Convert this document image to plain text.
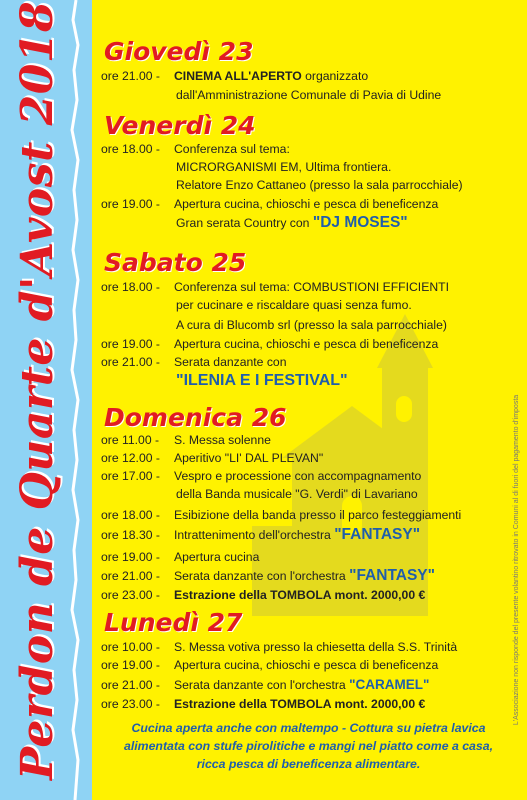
Perdon de Quarte d'Avost 2018	L'Associazione non risponde del presente volantino ritrovato in Comuni al di fuori del pagamento d'imposta
Giovedì 23
ore 21.00 - CINEMA ALL'APERTO organizzato
dall'Amministrazione Comunale di Pavia di Udine
Venerdì 24
ore 18.00 - Conferenza sul tema:
MICRORGANISMI EM, Ultima frontiera.
Relatore Enzo Cattaneo (presso la sala parrocchiale)
ore 19.00 - Apertura cucina, chioschi e pesca di beneficenza
Gran serata Country con "DJ MOSES"
Sabato 25
ore 18.00 - Conferenza sul tema: COMBUSTIONI EFFICIENTI
per cucinare e riscaldare quasi senza fumo.
A cura di Blucomb srl (presso la sala parrocchiale)
ore 19.00 - Apertura cucina, chioschi e pesca di beneficenza
ore 21.00 - Serata danzante con
"ILENIA E I FESTIVAL"
Domenica 26
ore 11.00 - S. Messa solenne
ore 12.00 - Aperitivo "LI' DAL PLEVAN"
ore 17.00 - Vespro e processione con accompagnamento
della Banda musicale "G. Verdi" di Lavariano
ore 18.00 - Esibizione della banda presso il parco festeggiamenti
ore 18.30 - Intrattenimento dell'orchestra "FANTASY"
ore 19.00 - Apertura cucina
ore 21.00 - Serata danzante con l'orchestra "FANTASY"
ore 23.00 - Estrazione della TOMBOLA mont. 2000,00 €
Lunedì 27
ore 10.00 - S. Messa votiva presso la chiesetta della S.S. Trinità
ore 19.00 - Apertura cucina, chioschi e pesca di beneficenza
ore 21.00 - Serata danzante con l'orchestra "CARAMEL"
ore 23.00 - Estrazione della TOMBOLA mont. 2000,00 €
Cucina aperta anche con maltempo - Cottura su pietra lavica
alimentata con stufe pirolitiche e mangi nel piatto come a casa,
ricca pesca di beneficenza alimentare.
